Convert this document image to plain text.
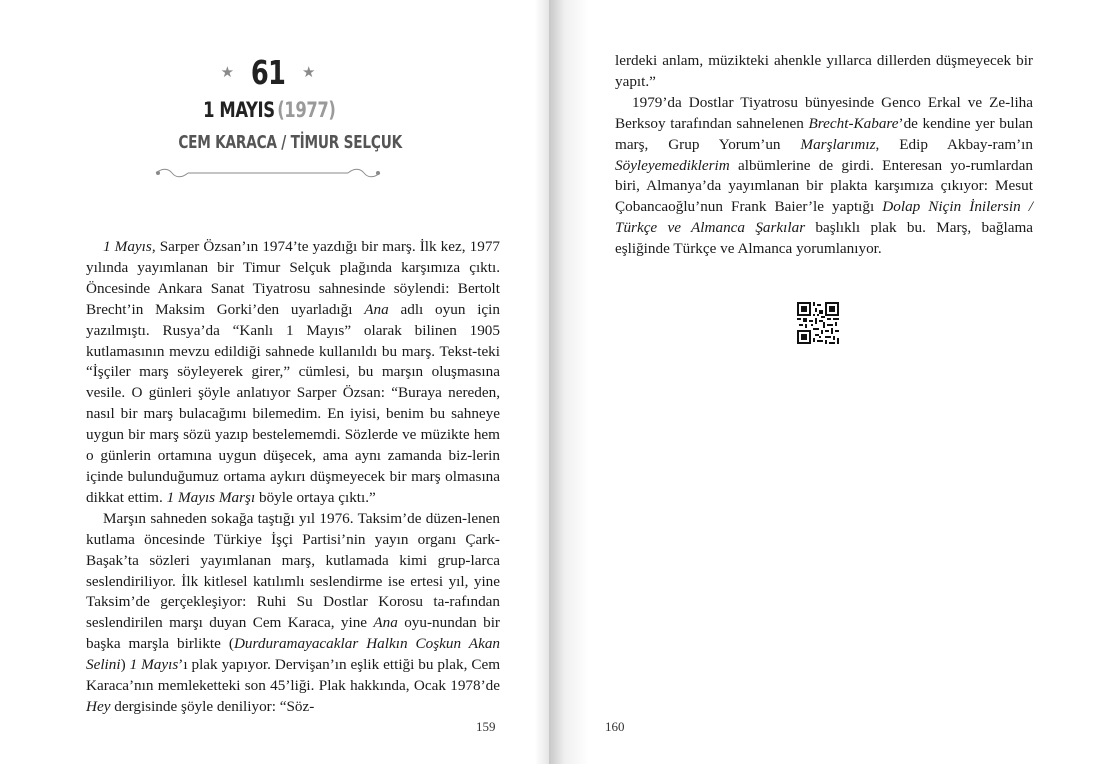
★ 61 ★
1 MAYIS (1977)
CEM KARACA / TİMUR SELÇUK

1 Mayıs, Sarper Özsan’ın 1974’te yazdığı bir marş. İlk kez, 1977 yılında yayımlanan bir Timur Selçuk plağında karşımıza çıktı. Öncesinde Ankara Sanat Tiyatrosu sahnesinde söylendi: Bertolt Brecht’in Maksim Gorki’den uyarladığı Ana adlı oyun için yazılmıştı. Rusya’da “Kanlı 1 Mayıs” olarak bilinen 1905 kutlamasının mevzu edildiği sahnede kullanıldı bu marş. Tekst-teki “İşçiler marş söyleyerek girer,” cümlesi, bu marşın oluşmasına vesile. O günleri şöyle anlatıyor Sarper Özsan: “Buraya nereden, nasıl bir marş bulacağımı bilemedim. En iyisi, benim bu sahneye uygun bir marş sözü yazıp bestelememdi. Sözlerde ve müzikte hem o günlerin ortamına uygun düşecek, ama aynı zamanda biz-lerin içinde bulunduğumuz ortama aykırı düşmeyecek bir marş olmasına dikkat ettim. 1 Mayıs Marşı böyle ortaya çıktı.”

Marşın sahneden sokağa taştığı yıl 1976. Taksim’de düzen-lenen kutlama öncesinde Türkiye İşçi Partisi’nin yayın organı Çark-Başak’ta sözleri yayımlanan marş, kutlamada kimi grup-larca seslendiriliyor. İlk kitlesel katılımlı seslendirme ise ertesi yıl, yine Taksim’de gerçekleşiyor: Ruhi Su Dostlar Korosu ta-rafından seslendirilen marşı duyan Cem Karaca, yine Ana oyu-nundan bir başka marşla birlikte (Durduramayacaklar Halkın Coşkun Akan Selini) 1 Mayıs’ı plak yapıyor. Dervişan’ın eşlik ettiği bu plak, Cem Karaca’nın memleketteki son 45’liği. Plak hakkında, Ocak 1978’de Hey dergisinde şöyle deniliyor: “Söz-

159

lerdeki anlam, müzikteki ahenkle yıllarca dillerden düşmeyecek bir yapıt.”

1979’da Dostlar Tiyatrosu bünyesinde Genco Erkal ve Ze-liha Berksoy tarafından sahnelenen Brecht-Kabare’de kendine yer bulan marş, Grup Yorum’un Marşlarımız, Edip Akbay-ram’ın Söyleyemediklerim albümlerine de girdi. Enteresan yo-rumlardan biri, Almanya’da yayımlanan bir plakta karşımıza çıkıyor: Mesut Çobancaoğlu’nun Frank Baier’le yaptığı Dolap Niçin İnilersin / Türkçe ve Almanca Şarkılar başlıklı plak bu. Marş, bağlama eşliğinde Türkçe ve Almanca yorumlanıyor.

160
